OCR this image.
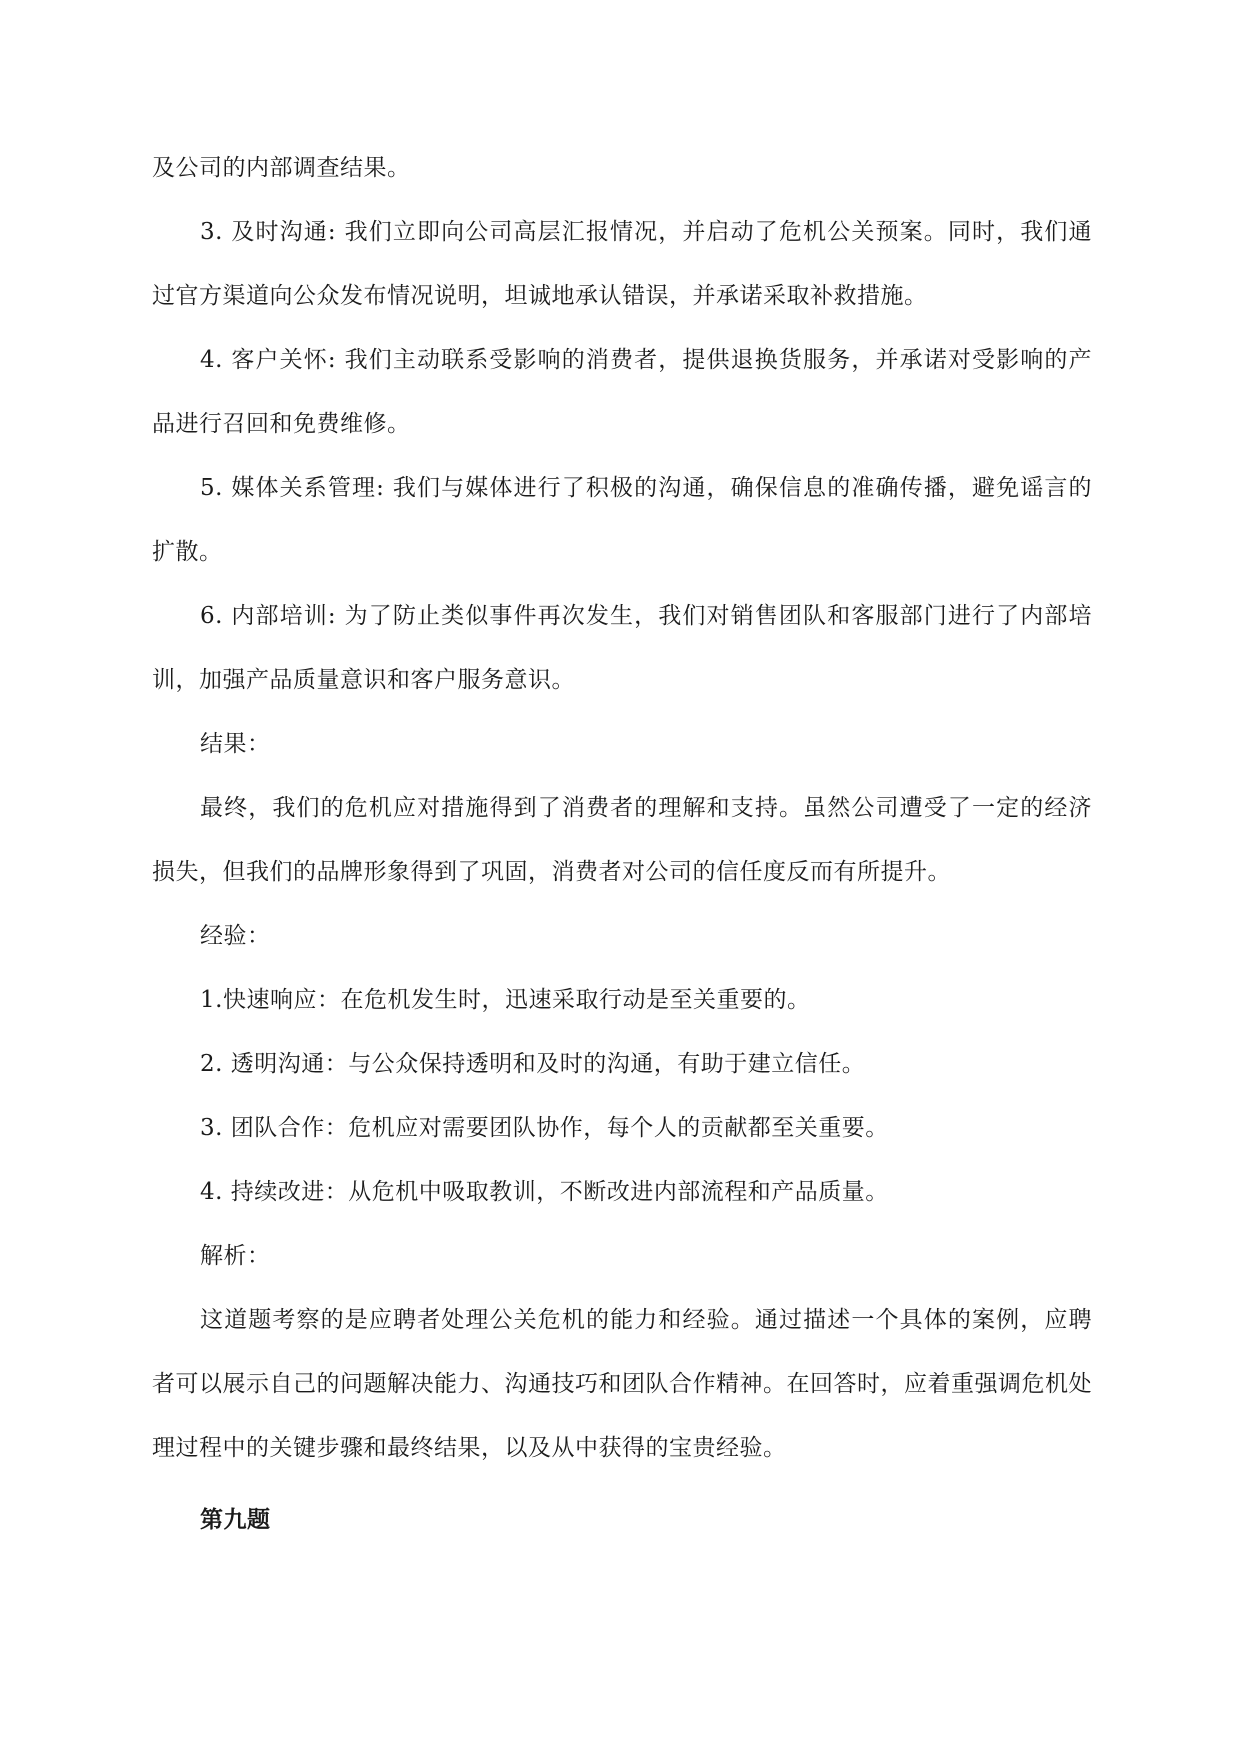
及公司的内部调查结果。

3. 及时沟通: 我们立即向公司高层汇报情况，并启动了危机公关预案。同时，我们通过官方渠道向公众发布情况说明，坦诚地承认错误，并承诺采取补救措施。

4. 客户关怀: 我们主动联系受影响的消费者，提供退换货服务，并承诺对受影响的产品进行召回和免费维修。

5. 媒体关系管理: 我们与媒体进行了积极的沟通，确保信息的准确传播，避免谣言的扩散。

6. 内部培训: 为了防止类似事件再次发生，我们对销售团队和客服部门进行了内部培训，加强产品质量意识和客户服务意识。

结果：

最终，我们的危机应对措施得到了消费者的理解和支持。虽然公司遭受了一定的经济损失，但我们的品牌形象得到了巩固，消费者对公司的信任度反而有所提升。

经验：

1.快速响应：在危机发生时，迅速采取行动是至关重要的。

2. 透明沟通：与公众保持透明和及时的沟通，有助于建立信任。

3. 团队合作：危机应对需要团队协作，每个人的贡献都至关重要。

4. 持续改进：从危机中吸取教训，不断改进内部流程和产品质量。

解析：

这道题考察的是应聘者处理公关危机的能力和经验。通过描述一个具体的案例，应聘者可以展示自己的问题解决能力、沟通技巧和团队合作精神。在回答时，应着重强调危机处理过程中的关键步骤和最终结果，以及从中获得的宝贵经验。

第九题
